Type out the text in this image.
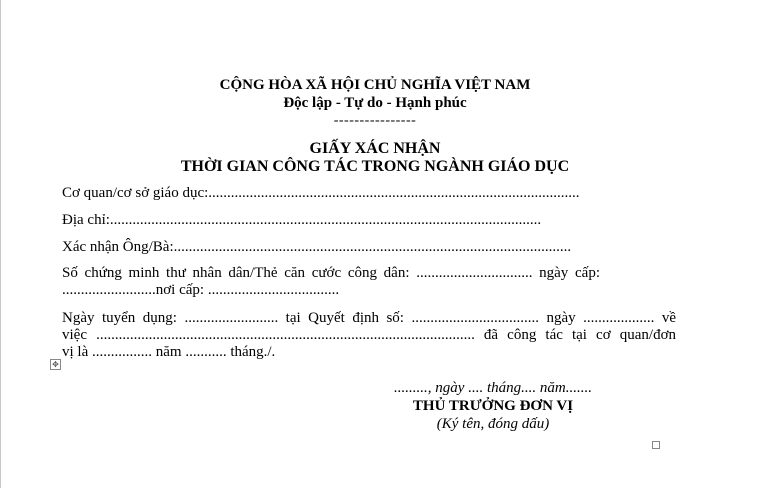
CỘNG HÒA XÃ HỘI CHỦ NGHĨA VIỆT NAM
Độc lập - Tự do - Hạnh phúc
----------------
GIẤY XÁC NHẬN
THỜI GIAN CÔNG TÁC TRONG NGÀNH GIÁO DỤC
Cơ quan/cơ sở giáo dục:...................................................................................................
Địa chỉ:...................................................................................................................
Xác nhận Ông/Bà:..........................................................................................................
Số chứng minh thư nhân dân/Thẻ căn cước công dân: ............................... ngày cấp:
.........................nơi cấp: ...................................
Ngày tuyển dụng: ......................... tại Quyết định số: .................................. ngày ................... về
việc ..................................................................................................... đã công tác tại cơ quan/đơn
vị là ................ năm ........... tháng./.
✥
........., ngày .... tháng.... năm.......
THỦ TRƯỞNG ĐƠN VỊ
(Ký tên, đóng dấu)
